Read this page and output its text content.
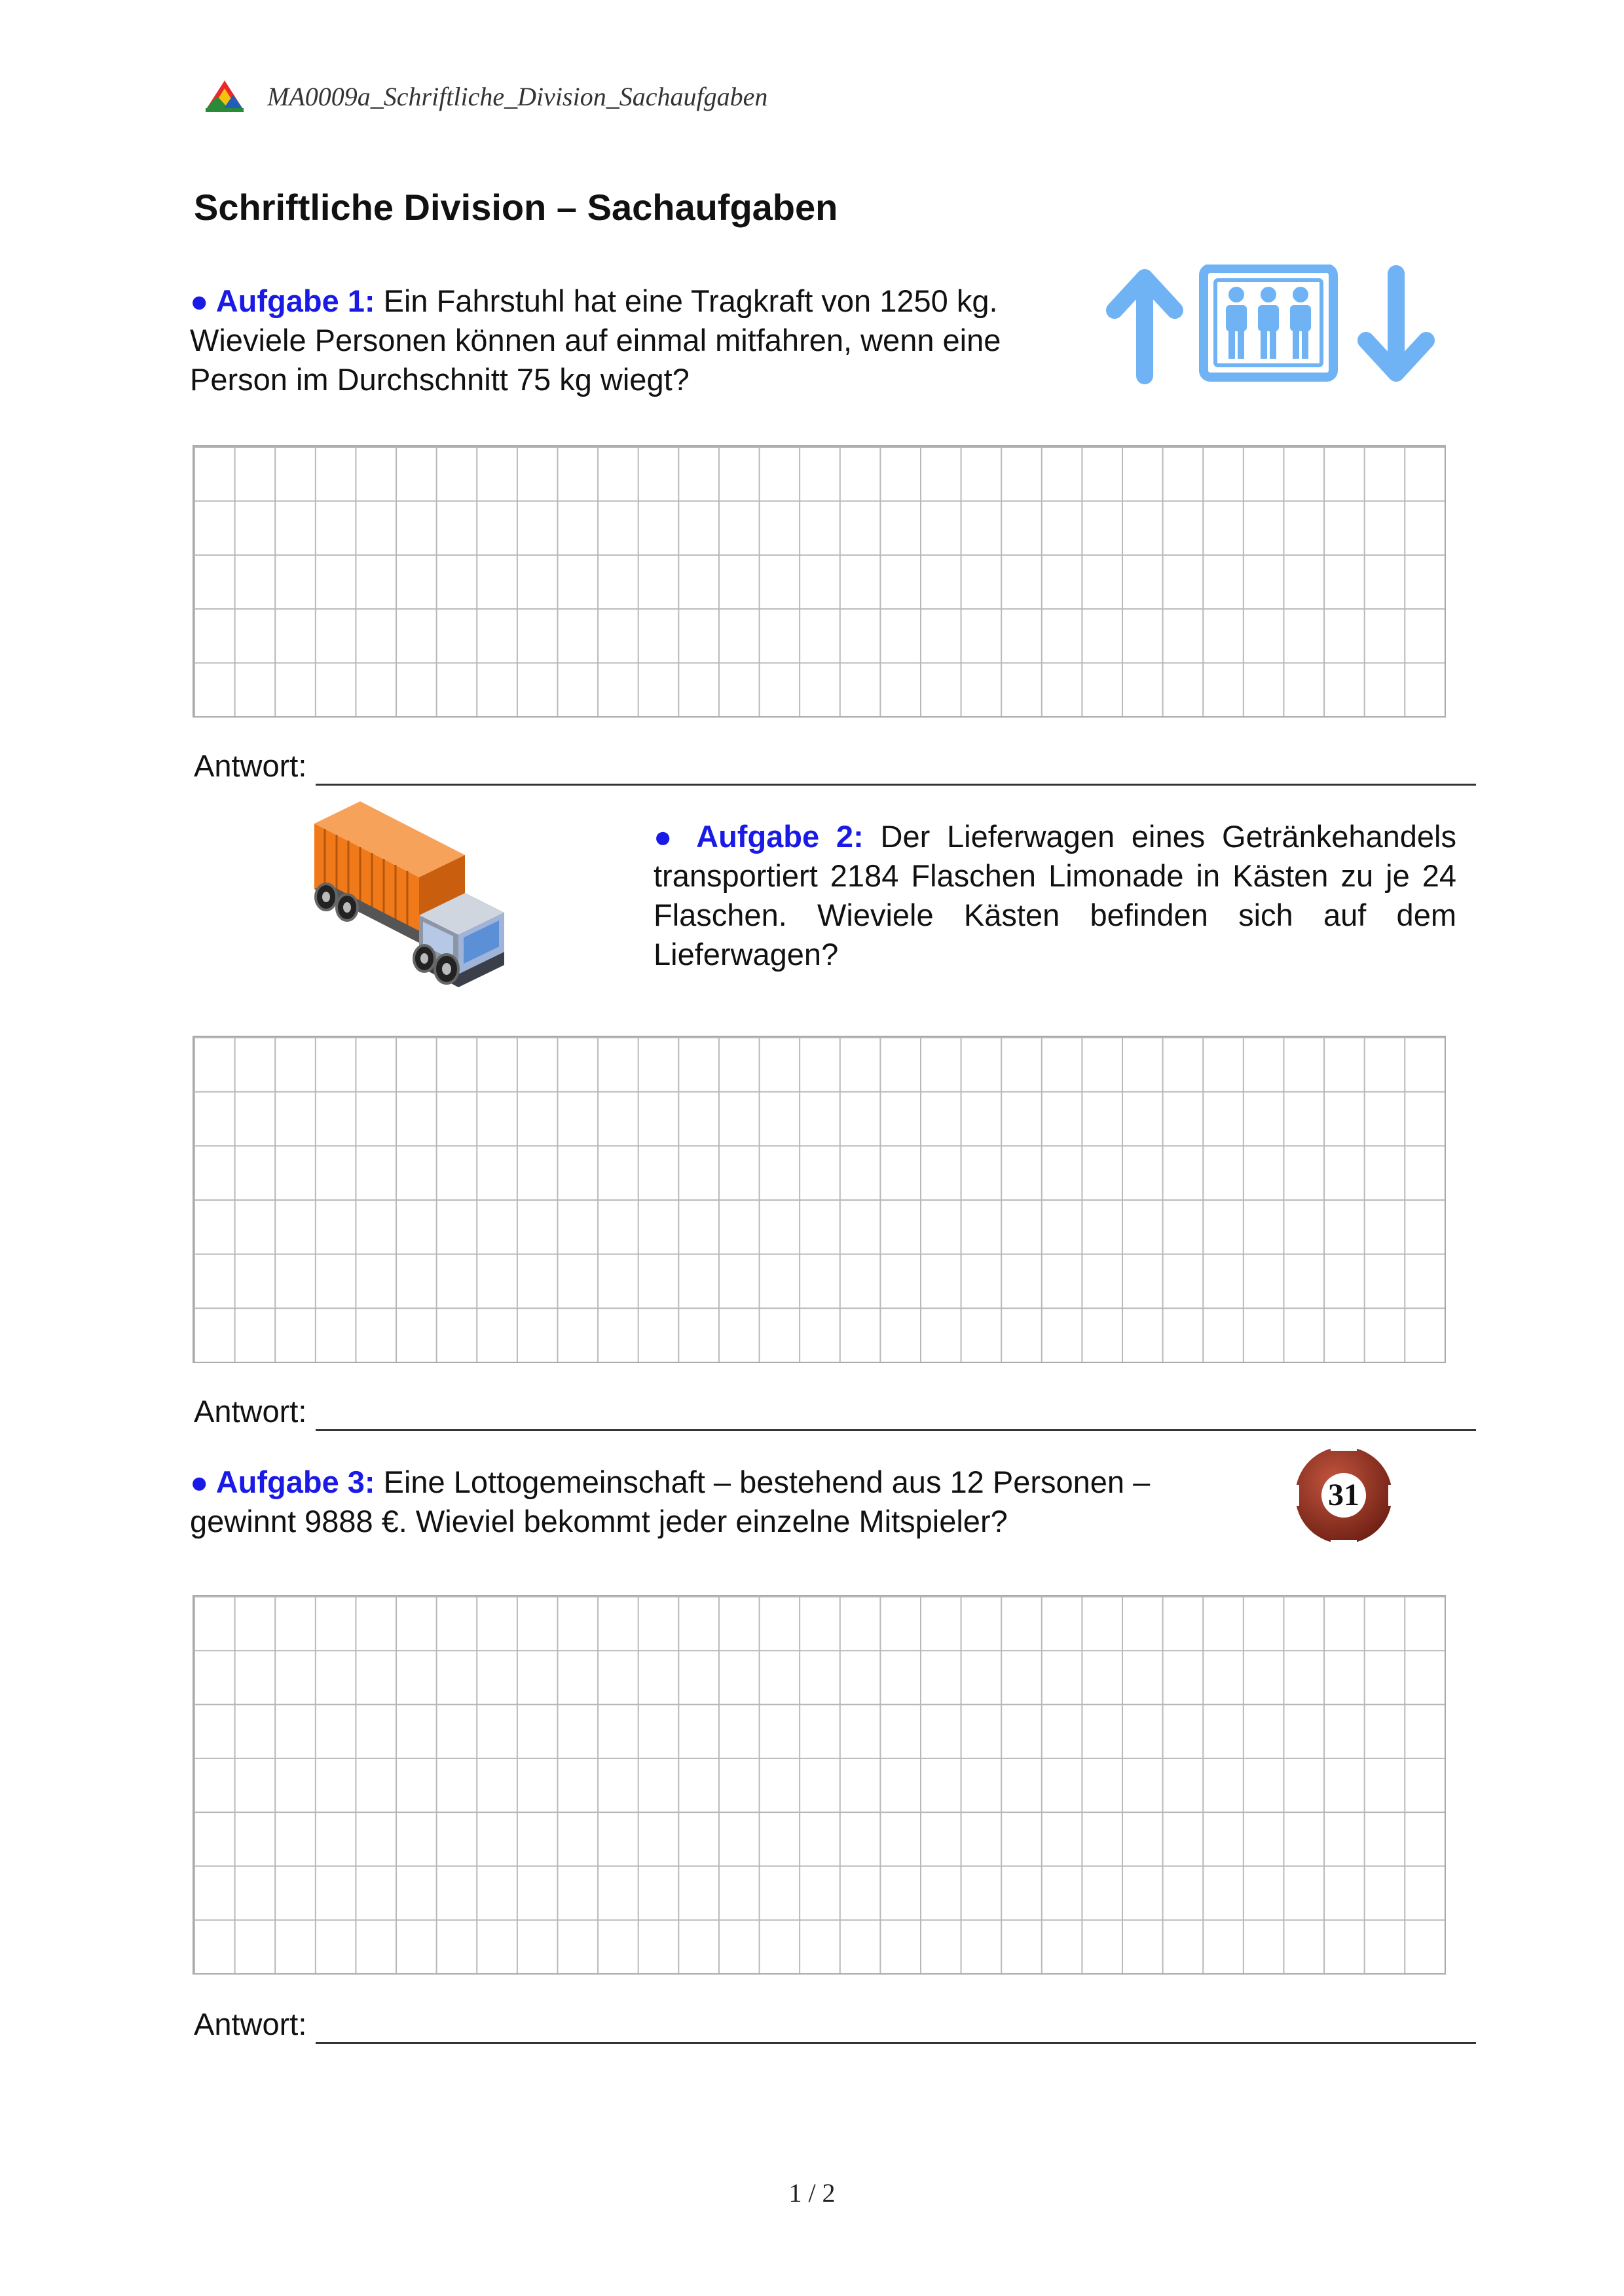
MA0009a_Schriftliche_Division_Sachaufgaben
Schriftliche Division – Sachaufgaben

● Aufgabe 1: Ein Fahrstuhl hat eine Tragkraft von 1250 kg. Wieviele Personen können auf einmal mitfahren, wenn eine Person im Durchschnitt 75 kg wiegt?

Antwort:

● Aufgabe 2: Der Lieferwagen eines Getränkehandels transportiert 2184 Flaschen Limonade in Kästen zu je 24 Flaschen. Wieviele Kästen befinden sich auf dem Lieferwagen?

Antwort:

● Aufgabe 3: Eine Lottogemeinschaft – bestehend aus 12 Personen – gewinnt 9888 €. Wieviel bekommt jeder einzelne Mitspieler?

31
Antwort:
1 / 2
